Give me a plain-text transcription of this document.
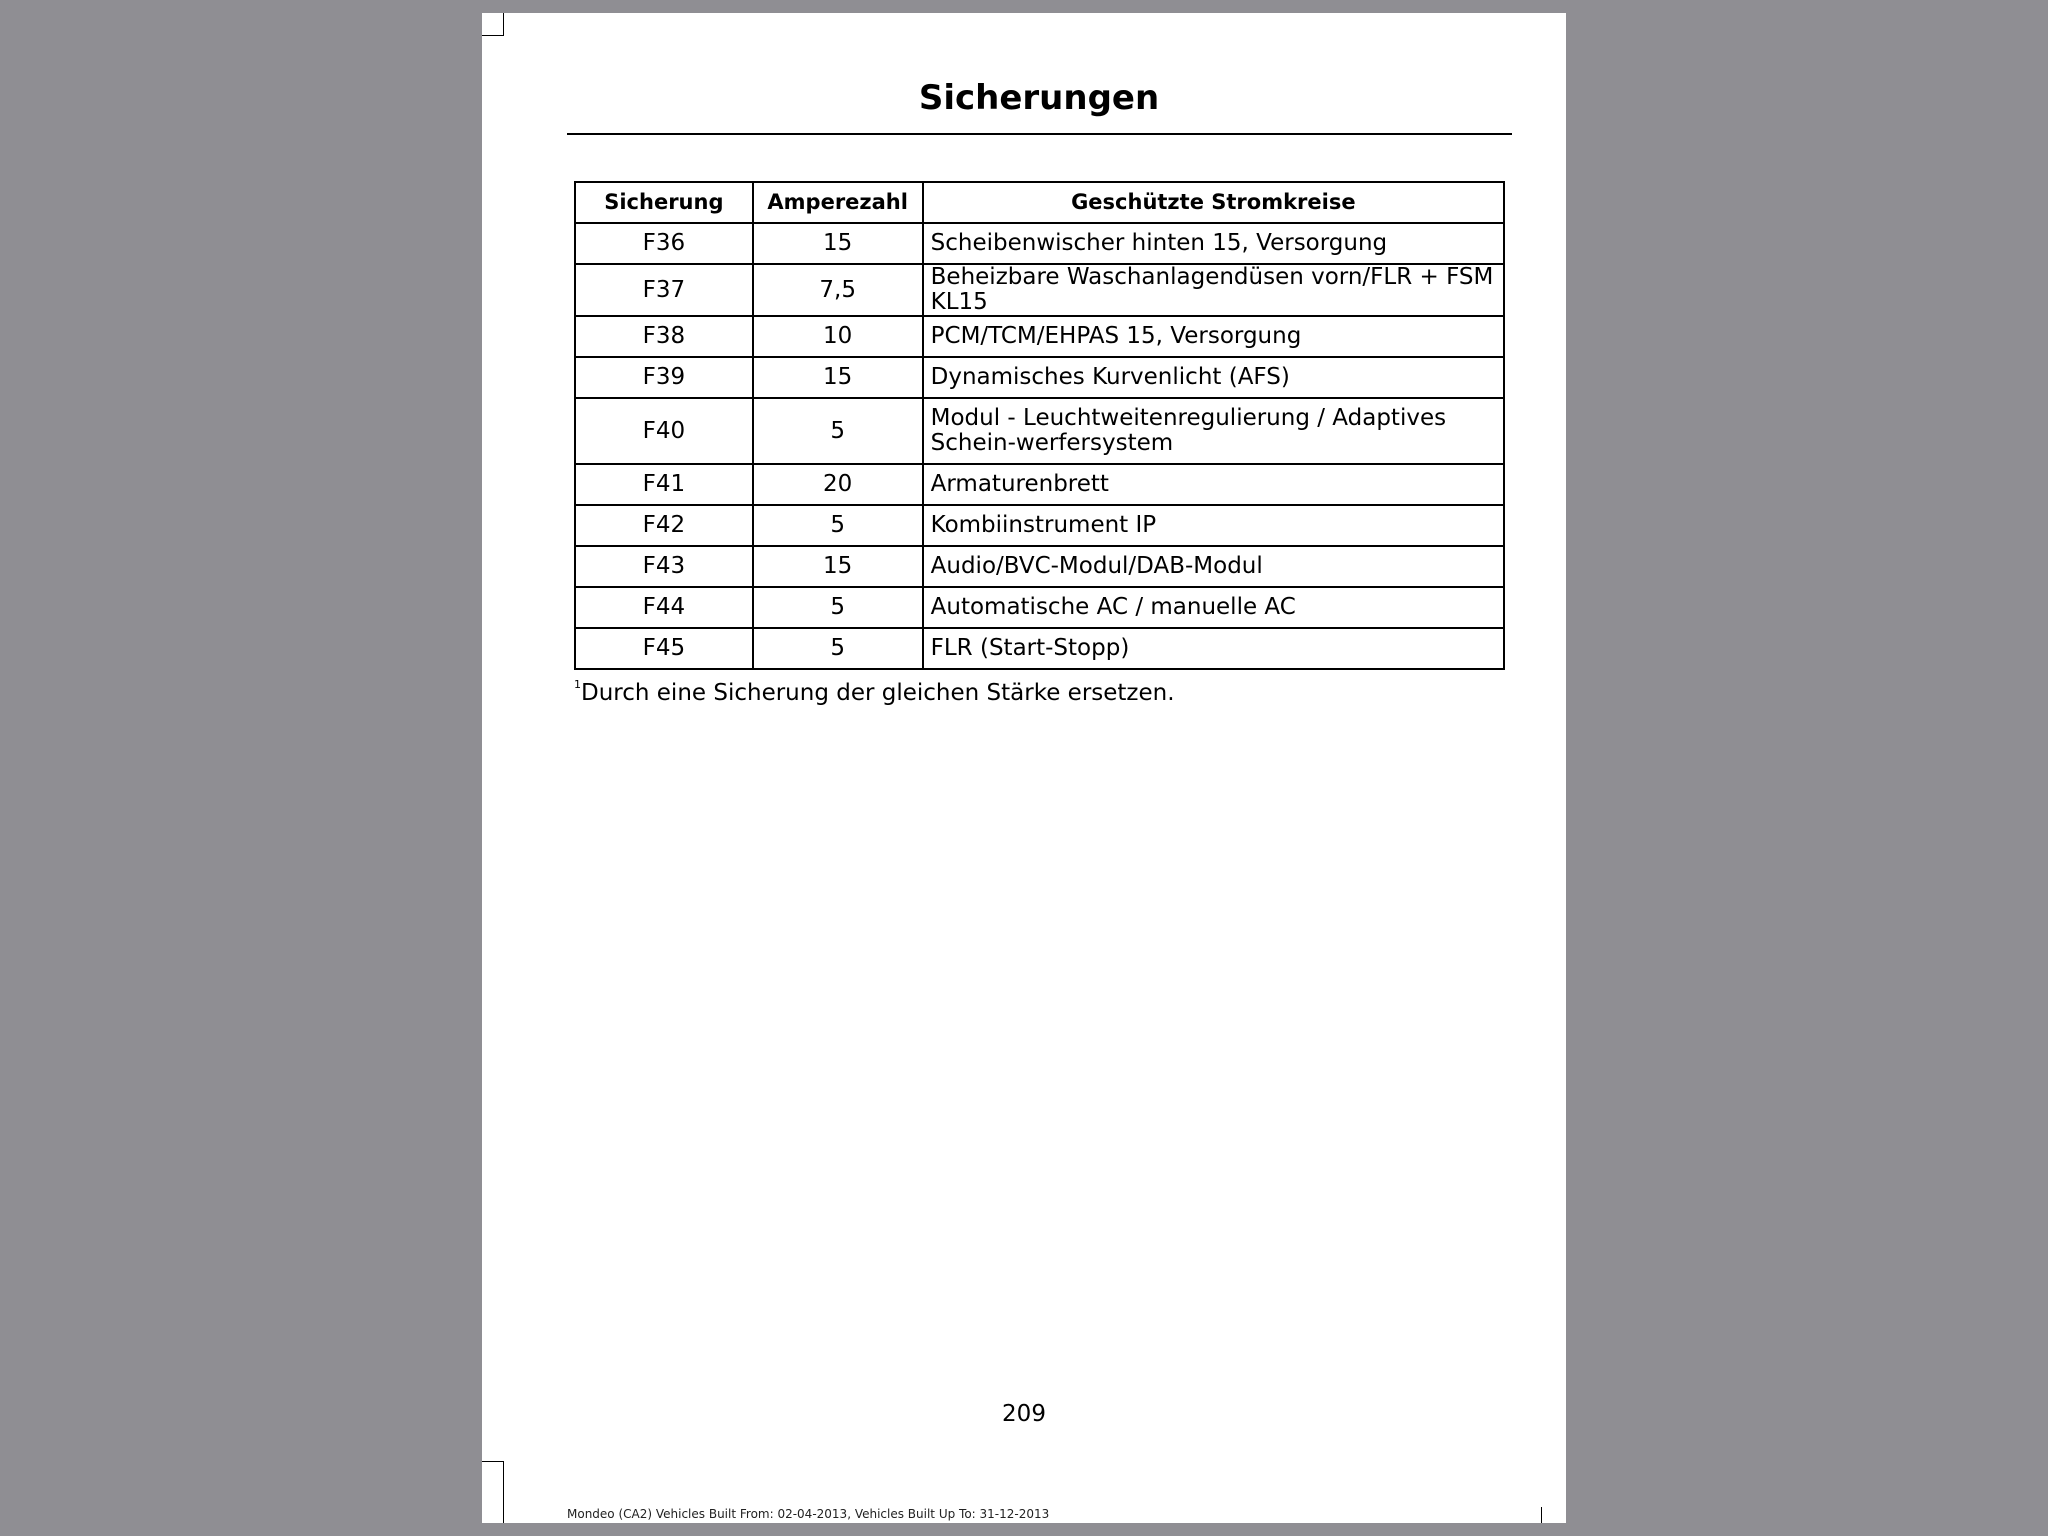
Sicherungen
Sicherung	Amperezahl	Geschützte Stromkreise
F36	15	Scheibenwischer hinten 15, Versorgung
F37	7,5	Beheizbare Waschanlagendüsen vorn/FLR + FSM KL15
F38	10	PCM/TCM/EHPAS 15, Versorgung
F39	15	Dynamisches Kurvenlicht (AFS)
F40	5	Modul - Leuchtweitenregulierung / Adaptives Schein-werfersystem
F41	20	Armaturenbrett
F42	5	Kombiinstrument IP
F43	15	Audio/BVC-Modul/DAB-Modul
F44	5	Automatische AC / manuelle AC
F45	5	FLR (Start-Stopp)
$^1$Durch eine Sicherung der gleichen Stärke ersetzen.
209
Mondeo (CA2) Vehicles Built From: 02-04-2013, Vehicles Built Up To: 31-12-2013
